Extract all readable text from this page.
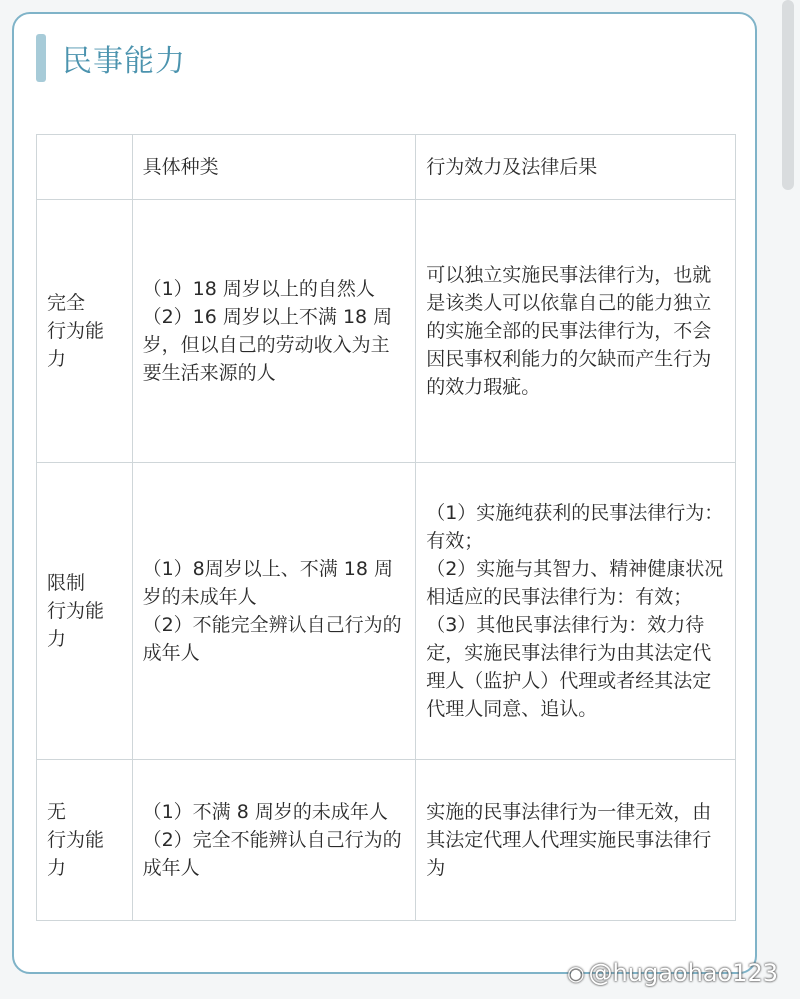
民事能力
	具体种类	行为效力及法律后果

完全
行为能
力	（1）18 周岁以上的自然人
（2）16 周岁以上不满 18 周岁，但以自己的劳动收入为主要生活来源的人	可以独立实施民事法律行为，也就是该类人可以依靠自己的能力独立的实施全部的民事法律行为，不会因民事权利能力的欠缺而产生行为的效力瑕疵。

限制
行为能
力	（1）8周岁以上、不满 18 周岁的未成年人
（2）不能完全辨认自己行为的成年人	（1）实施纯获利的民事法律行为：有效；
（2）实施与其智力、精神健康状况相适应的民事法律行为：有效；
（3）其他民事法律行为：效力待定，实施民事法律行为由其法定代理人（监护人）代理或者经其法定代理人同意、追认。

无
行为能
力	（1）不满 8 周岁的未成年人
（2）完全不能辨认自己行为的成年人	实施的民事法律行为一律无效，由其法定代理人代理实施民事法律行为
◉ @hugaohao123
